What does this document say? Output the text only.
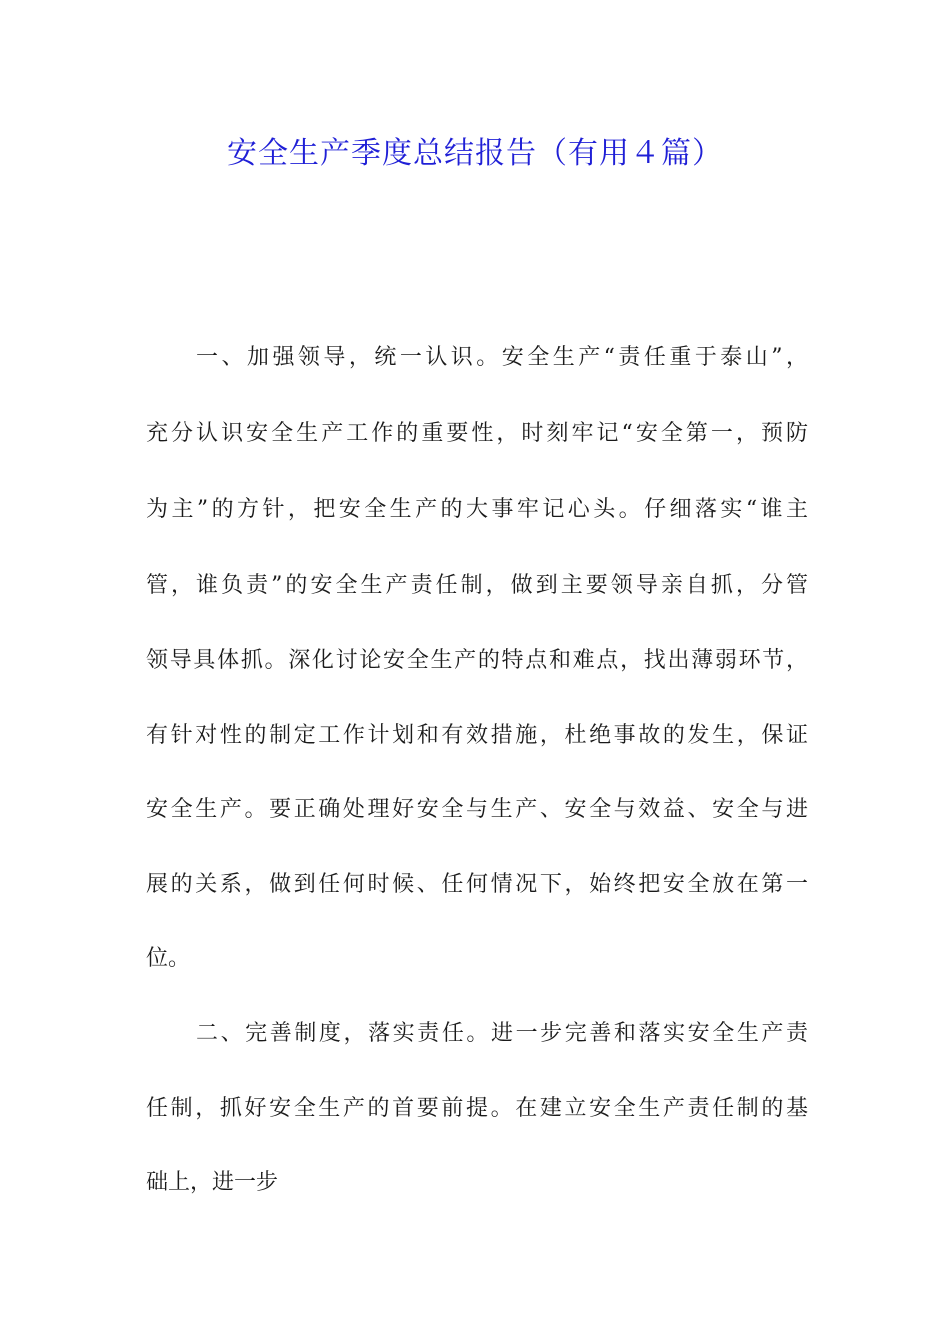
安全生产季度总结报告（有用４篇）
一、加强领导，统一认识。安全生产“责任重于泰山”，
充分认识安全生产工作的重要性，时刻牢记“安全第一，预防
为主”的方针，把安全生产的大事牢记心头。仔细落实“谁主
管，谁负责”的安全生产责任制，做到主要领导亲自抓，分管
领导具体抓。深化讨论安全生产的特点和难点，找出薄弱环节，
有针对性的制定工作计划和有效措施，杜绝事故的发生，保证
安全生产。要正确处理好安全与生产、安全与效益、安全与进
展的关系，做到任何时候、任何情况下，始终把安全放在第一
位。
二、完善制度，落实责任。进一步完善和落实安全生产责
任制，抓好安全生产的首要前提。在建立安全生产责任制的基
础上，进一步
